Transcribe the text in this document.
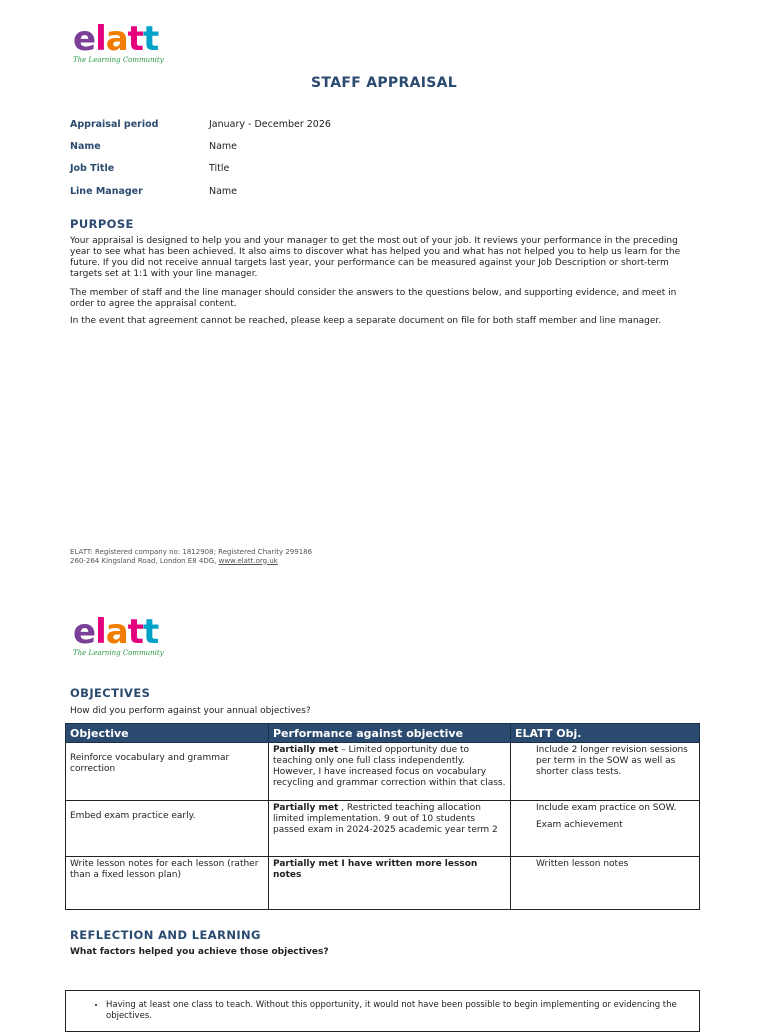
elatt
The Learning Community
STAFF APPRAISAL
Appraisal period	January - December 2026
Name	Name
Job Title	Title
Line Manager	Name
PURPOSE
Your appraisal is designed to help you and your manager to get the most out of your job. It reviews your performance in the preceding year to see what has been achieved. It also aims to discover what has helped you and what has not helped you to help us learn for the future. If you did not receive annual targets last year, your performance can be measured against your Job Description or short-term targets set at 1:1 with your line manager.
The member of staff and the line manager should consider the answers to the questions below, and supporting evidence, and meet in order to agree the appraisal content.
In the event that agreement cannot be reached, please keep a separate document on file for both staff member and line manager.
ELATT: Registered company no: 1812908; Registered Charity 299186
260-264 Kingsland Road, London E8 4DG, www.elatt.org.uk
elatt
The Learning Community
OBJECTIVES
How did you perform against your annual objectives?
Objective	Performance against objective	ELATT Obj.
Reinforce vocabulary and grammar correction	Partially met – Limited opportunity due to teaching only one full class independently. However, I have increased focus on vocabulary recycling and grammar correction within that class.	Include 2 longer revision sessions per term in the SOW as well as shorter class tests.

Embed exam practice early.	Partially met , Restricted teaching allocation limited implementation. 9 out of 10 students passed exam in 2024-2025 academic year term 2	Include exam practice on SOW.
Exam achievement

Write lesson notes for each lesson (rather than a fixed lesson plan)	Partially met I have written more lesson notes	Written lesson notes
REFLECTION AND LEARNING
What factors helped you achieve those objectives?
• Having at least one class to teach. Without this opportunity, it would not have been possible to begin implementing or evidencing the objectives.
